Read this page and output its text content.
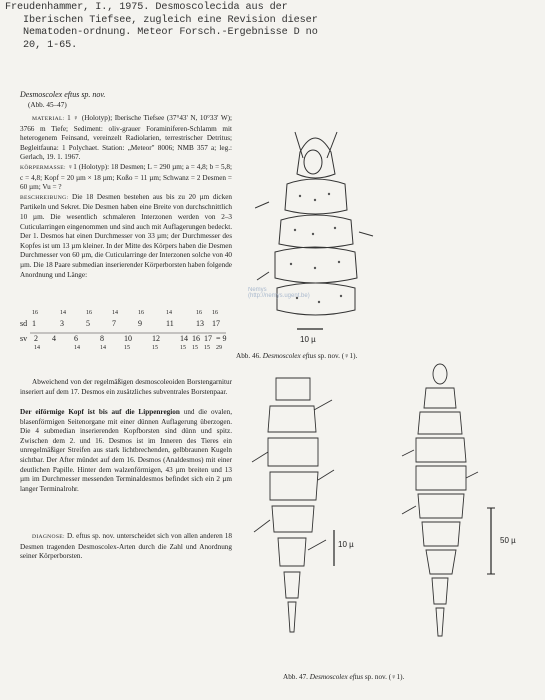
Freudenhammer, I., 1975. Desmoscolecida aus der
Iberischen Tiefsee, zugleich eine Revision dieser
Nematoden-ordnung. Meteor Forsch.-Ergebnisse D no
20, 1-65.
Desmoscolex eftus sp. nov.
(Abb. 45–47)

MATERIAL: 1 ♀ (Holotyp); Iberische Tiefsee (37°43' N, 10°33' W); 3766 m Tiefe; Sediment: oliv-grauer Foraminiferen-Schlamm mit heterogenem Feinsand, vereinzelt Radiolarien, terrestrischer Detritus; Begleitfauna: 1 Polychaet. Station: „Meteor" 8006; NMB 357 a; leg.: Gerlach, 19. 1. 1967.

KÖRPERMASSE: ♀1 (Holotyp): 18 Desmen; L = 290 µm; a = 4,8; b = 5,8; c = 4,8; Kopf = 20 µm × 18 µm; Koßo = 11 µm; Schwanz = 2 Desmen = 60 µm; Vu = ?

BESCHREIBUNG: Die 18 Desmen bestehen aus bis zu 20 µm dicken Partikeln und Sekret. Die Desmen haben eine Breite von durchschnittlich 10 µm. Die wesentlich schmaleren Interzonen werden von 2–3 Cuticularringen eingenommen und sind auch mit Auflagerungen bedeckt. Der 1. Desmos hat einen Durchmesser von 33 µm; der Durchmesser des Kopfes ist um 13 µm kleiner. In der Mitte des Körpers haben die Desmen Durchmesser von 60 µm, die Cuticularringe der Interzonen solche von 40 µm. Die 18 Paare submedian inserierender Körperborsten haben folgende Anordnung und Länge:

16	14	16	14	16	14	16 16
sd 1	3	5	7	9	11	13 17
sv 2 4 6	8	10	12	14 16 17 = 9
14	14	14	15	15	15 15 15 29

Abweichend von der regelmäßigen desmoscoleoiden Borstengarnitur inseriert auf dem 17. Desmos ein zusätzliches subventrales Borstenpaar.

Der eiförmige Kopf ist bis auf die Lippenregion und die ovalen, blasenförmigen Seitenorgane mit einer dünnen Auflagerung überzogen. Die 4 submedian inserierenden Kopfborsten sind dünn und spitz. Zwischen dem 2. und 16. Desmos ist im Inneren des Tieres ein unregelmäßiger Streifen aus stark lichtbrechenden, gelbbraunen Kugeln sichtbar. Der After mündet auf dem 16. Desmos (Analdesmos) mit einer deutlichen Papille. Hinter dem walzenförmigen, 43 µm breiten und 13 µm im Durchmesser messenden Terminaldesmos befindet sich ein 2 µm langer Terminalrohr.

DIAGNOSE: D. eftus sp. nov. unterscheidet sich von allen anderen 18 Desmen tragenden Desmoscolex-Arten durch die Zahl und Anordnung seiner Körperborsten.

10 µ
Abb. 46. Desmoscolex eftus sp. nov. (♀1).
Nemys
(http://nemys.ugent.be)
10 µ	50 µ
Abb. 47. Desmoscolex eftus sp. nov. (♀1).
